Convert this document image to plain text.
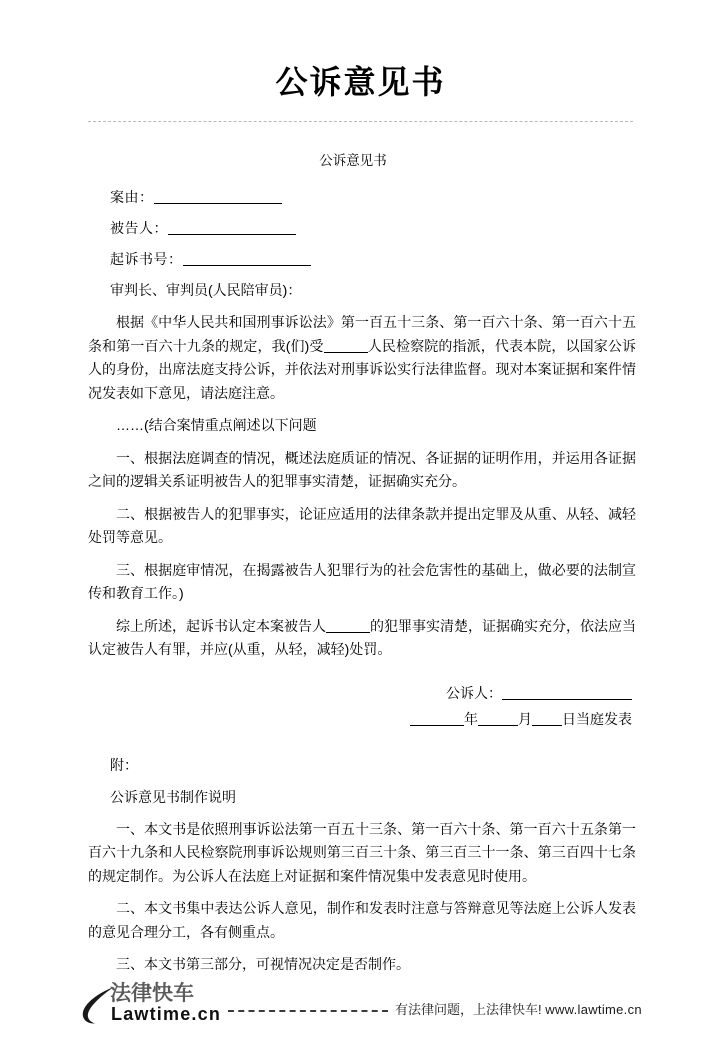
公诉意见书
公诉意见书
案由：
被告人：
起诉书号：
审判长、审判员(人民陪审员)：

根据《中华人民共和国刑事诉讼法》第一百五十三条、第一百六十条、第一百六十五条和第一百六十九条的规定，我(们)受	人民检察院的指派，代表本院，以国家公诉人的身份，出席法庭支持公诉，并依法对刑事诉讼实行法律监督。现对本案证据和案件情况发表如下意见，请法庭注意。

……(结合案情重点阐述以下问题

一、根据法庭调查的情况，概述法庭质证的情况、各证据的证明作用，并运用各证据之间的逻辑关系证明被告人的犯罪事实清楚，证据确实充分。

二、根据被告人的犯罪事实，论证应适用的法律条款并提出定罪及从重、从轻、减轻处罚等意见。

三、根据庭审情况，在揭露被告人犯罪行为的社会危害性的基础上，做必要的法制宣传和教育工作。)

综上所述，起诉书认定本案被告人	的犯罪事实清楚，证据确实充分，依法应当认定被告人有罪，并应(从重，从轻，减轻)处罚。

公诉人：
年	月 日当庭发表
附：
公诉意见书制作说明

一、本文书是依照刑事诉讼法第一百五十三条、第一百六十条、第一百六十五条第一百六十九条和人民检察院刑事诉讼规则第三百三十条、第三百三十一条、第三百四十七条的规定制作。为公诉人在法庭上对证据和案件情况集中发表意见时使用。

二、本文书集中表达公诉人意见，制作和发表时注意与答辩意见等法庭上公诉人发表的意见合理分工，各有侧重点。

三、本文书第三部分，可视情况决定是否制作。

法律快车
Lawtime.cn	有法律问题，上法律快车! www.lawtime.cn
